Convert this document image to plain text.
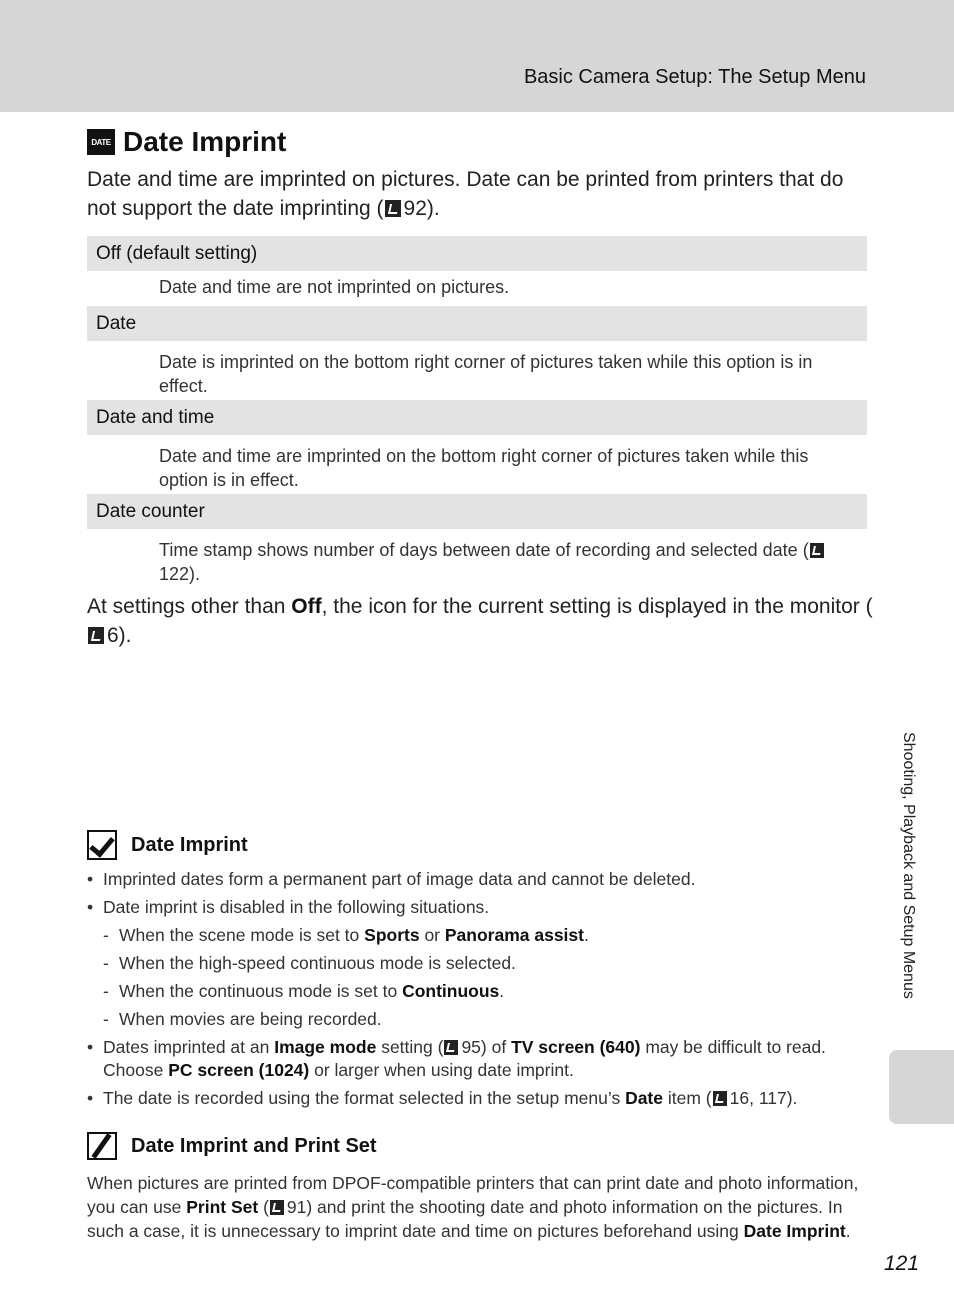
Basic Camera Setup: The Setup Menu
DATE Date Imprint
Date and time are imprinted on pictures. Date can be printed from printers that do not support the date imprinting ( 92).
Off (default setting)
Date and time are not imprinted on pictures.
Date
Date is imprinted on the bottom right corner of pictures taken while this option is in effect.
Date and time
Date and time are imprinted on the bottom right corner of pictures taken while this option is in effect.
Date counter
Time stamp shows number of days between date of recording and selected date (122).
At settings other than Off, the icon for the current setting is displayed in the monitor (6).
Shooting, Playback and Setup Menus
Date Imprint
• Imprinted dates form a permanent part of image data and cannot be deleted.
• Date imprint is disabled in the following situations.
- When the scene mode is set to Sports or Panorama assist.
- When the high-speed continuous mode is selected.
- When the continuous mode is set to Continuous.
- When movies are being recorded.
• Dates imprinted at an Image mode setting ( 95) of TV screen (640) may be difficult to read. Choose PC screen (1024) or larger when using date imprint.
• The date is recorded using the format selected in the setup menu’s Date item ( 16, 117).
Date Imprint and Print Set
When pictures are printed from DPOF-compatible printers that can print date and photo information, you can use Print Set ( 91) and print the shooting date and photo information on the pictures. In such a case, it is unnecessary to imprint date and time on pictures beforehand using Date Imprint.
121
